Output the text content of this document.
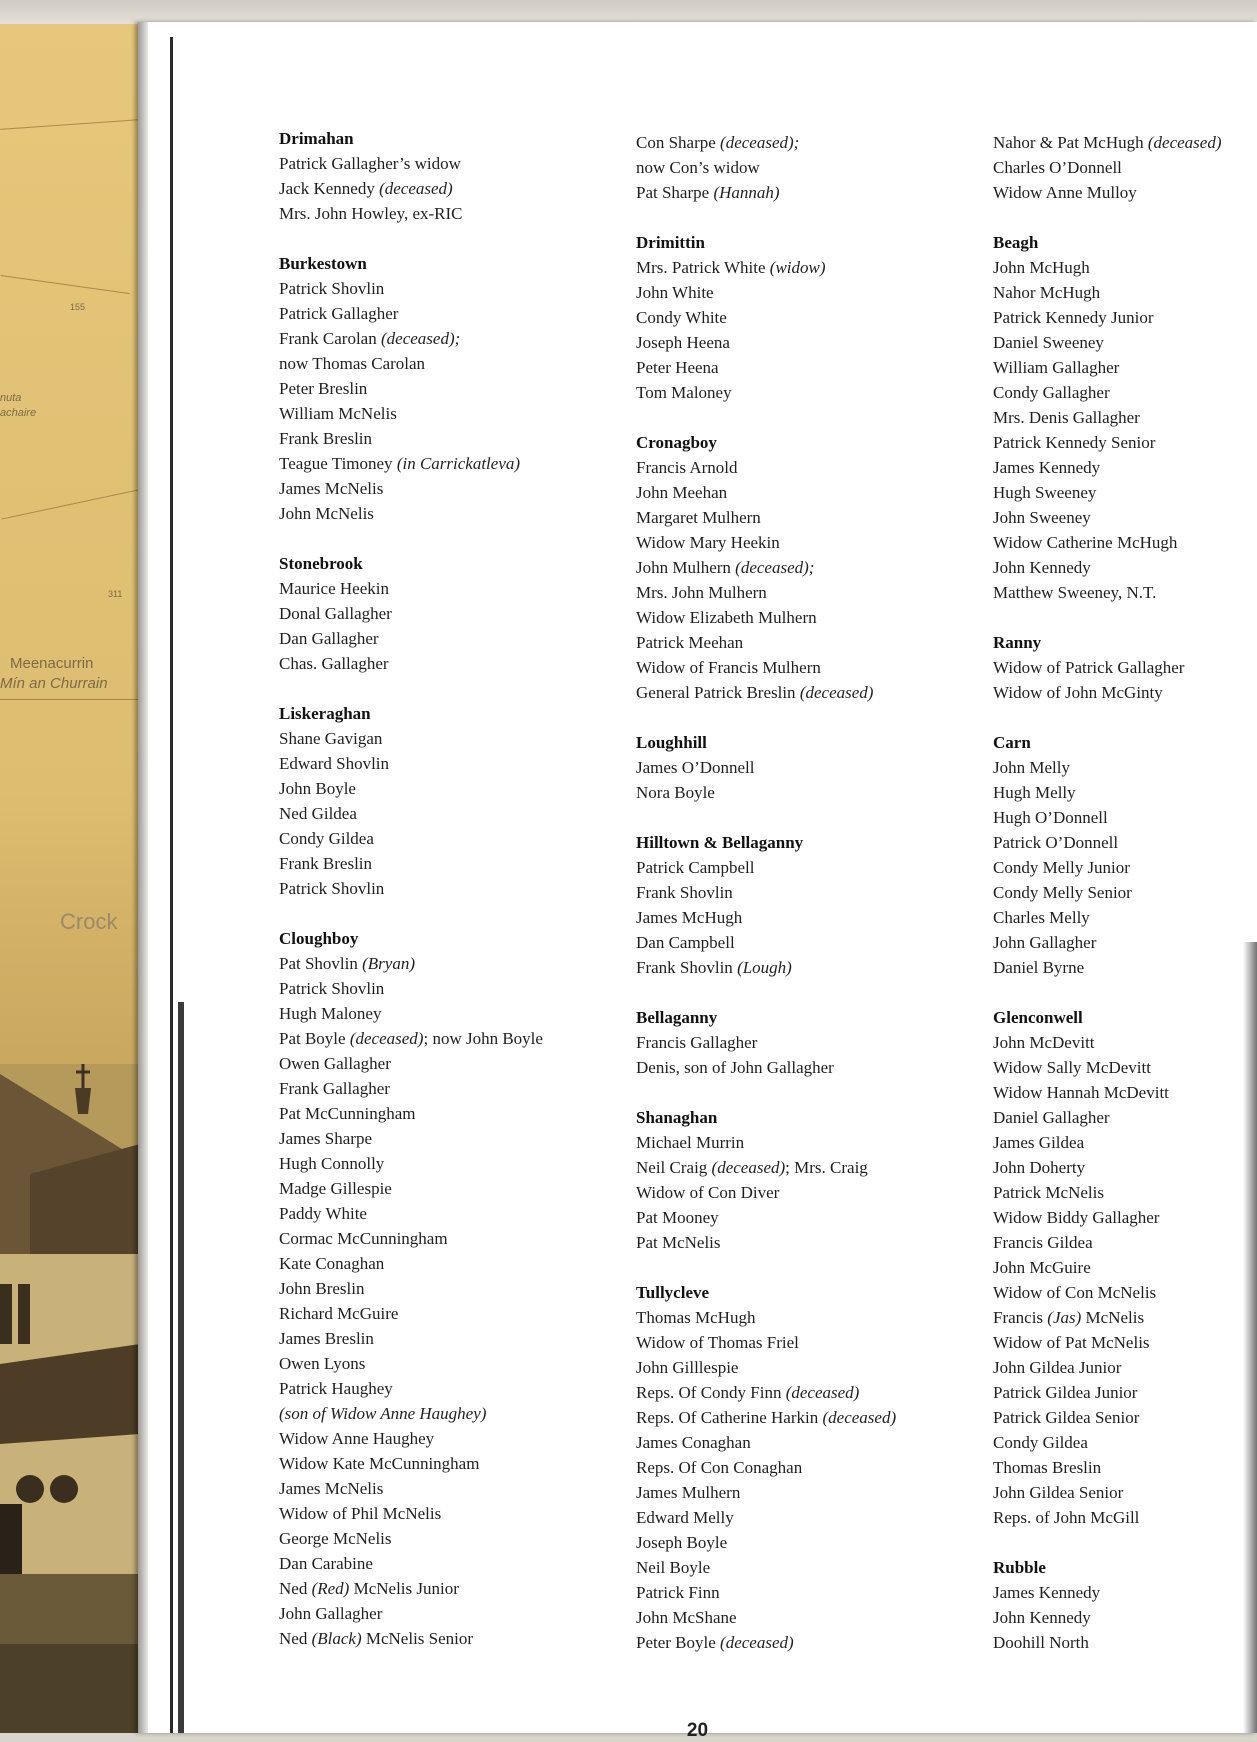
155
311
nuta
achaire
Meenacurrin
Mín an Churrain
Crock
Drimahan
Patrick Gallagher’s widow
Jack Kennedy (deceased)
Mrs. John Howley, ex-RIC
Burkestown
Patrick Shovlin
Patrick Gallagher
Frank Carolan (deceased);
now Thomas Carolan
Peter Breslin
William McNelis
Frank Breslin
Teague Timoney (in Carrickatleva)
James McNelis
John McNelis
Stonebrook
Maurice Heekin
Donal Gallagher
Dan Gallagher
Chas. Gallagher
Liskeraghan
Shane Gavigan
Edward Shovlin
John Boyle
Ned Gildea
Condy Gildea
Frank Breslin
Patrick Shovlin
Cloughboy
Pat Shovlin (Bryan)
Patrick Shovlin
Hugh Maloney
Pat Boyle (deceased); now John Boyle
Owen Gallagher
Frank Gallagher
Pat McCunningham
James Sharpe
Hugh Connolly
Madge Gillespie
Paddy White
Cormac McCunningham
Kate Conaghan
John Breslin
Richard McGuire
James Breslin
Owen Lyons
Patrick Haughey
(son of Widow Anne Haughey)
Widow Anne Haughey
Widow Kate McCunningham
James McNelis
Widow of Phil McNelis
George McNelis
Dan Carabine
Ned (Red) McNelis Junior
John Gallagher
Ned (Black) McNelis Senior
Con Sharpe (deceased);
now Con’s widow
Pat Sharpe (Hannah)
Drimittin
Mrs. Patrick White (widow)
John White
Condy White
Joseph Heena
Peter Heena
Tom Maloney
Cronagboy
Francis Arnold
John Meehan
Margaret Mulhern
Widow Mary Heekin
John Mulhern (deceased);
Mrs. John Mulhern
Widow Elizabeth Mulhern
Patrick Meehan
Widow of Francis Mulhern
General Patrick Breslin (deceased)
Loughhill
James O’Donnell
Nora Boyle
Hilltown & Bellaganny
Patrick Campbell
Frank Shovlin
James McHugh
Dan Campbell
Frank Shovlin (Lough)
Bellaganny
Francis Gallagher
Denis, son of John Gallagher
Shanaghan
Michael Murrin
Neil Craig (deceased); Mrs. Craig
Widow of Con Diver
Pat Mooney
Pat McNelis
Tullycleve
Thomas McHugh
Widow of Thomas Friel
John Gilllespie
Reps. Of Condy Finn (deceased)
Reps. Of Catherine Harkin (deceased)
James Conaghan
Reps. Of Con Conaghan
James Mulhern
Edward Melly
Joseph Boyle
Neil Boyle
Patrick Finn
John McShane
Peter Boyle (deceased)
Nahor & Pat McHugh (deceased)
Charles O’Donnell
Widow Anne Mulloy
Beagh
John McHugh
Nahor McHugh
Patrick Kennedy Junior
Daniel Sweeney
William Gallagher
Condy Gallagher
Mrs. Denis Gallagher
Patrick Kennedy Senior
James Kennedy
Hugh Sweeney
John Sweeney
Widow Catherine McHugh
John Kennedy
Matthew Sweeney, N.T.
Ranny
Widow of Patrick Gallagher
Widow of John McGinty
Carn
John Melly
Hugh Melly
Hugh O’Donnell
Patrick O’Donnell
Condy Melly Junior
Condy Melly Senior
Charles Melly
John Gallagher
Daniel Byrne
Glenconwell
John McDevitt
Widow Sally McDevitt
Widow Hannah McDevitt
Daniel Gallagher
James Gildea
John Doherty
Patrick McNelis
Widow Biddy Gallagher
Francis Gildea
John McGuire
Widow of Con McNelis
Francis (Jas) McNelis
Widow of Pat McNelis
John Gildea Junior
Patrick Gildea Junior
Patrick Gildea Senior
Condy Gildea
Thomas Breslin
John Gildea Senior
Reps. of John McGill
Rubble
James Kennedy
John Kennedy
Doohill North
20
